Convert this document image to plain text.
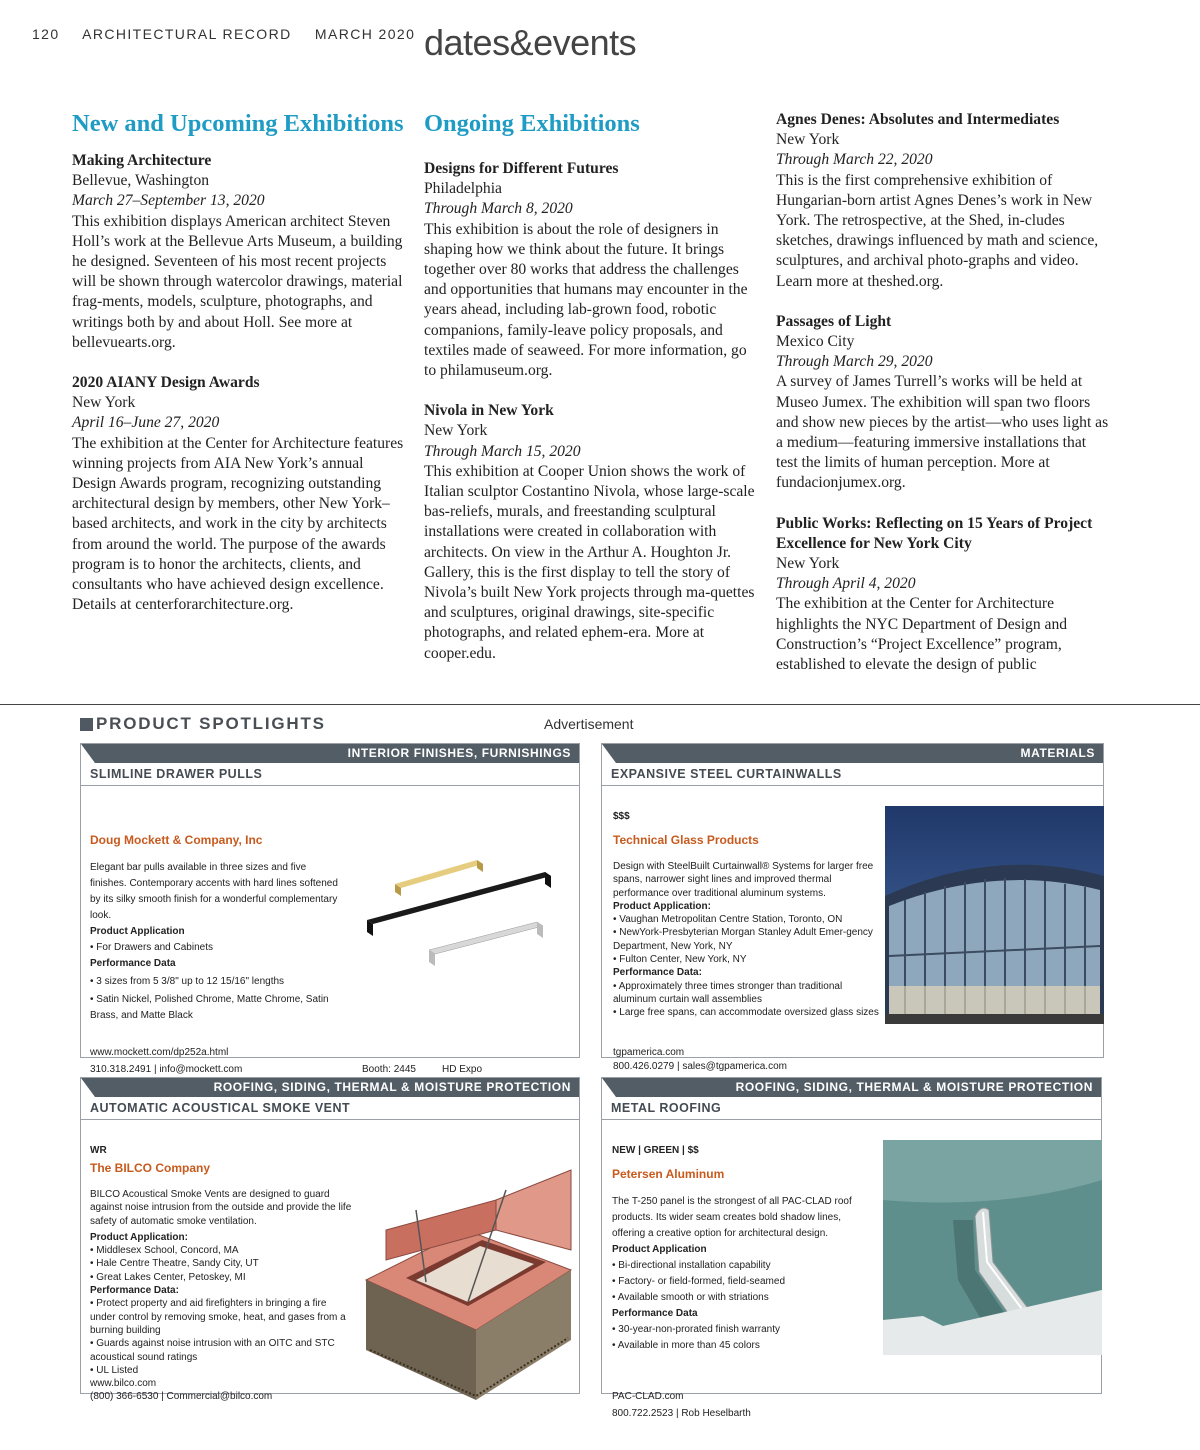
120 ARCHITECTURAL RECORD MARCH 2020 dates&events
New and Upcoming Exhibitions
Making Architecture
Bellevue, Washington
March 27–September 13, 2020
This exhibition displays American architect Steven Holl’s work at the Bellevue Arts Museum, a building he designed. Seventeen of his most recent projects will be shown through watercolor drawings, material frag-ments, models, sculpture, photographs, and writings both by and about Holl. See more at bellevuearts.org.
2020 AIANY Design Awards
New York
April 16–June 27, 2020
The exhibition at the Center for Architecture features winning projects from AIA New York’s annual Design Awards program, recognizing outstanding architectural design by members, other New York–based architects, and work in the city by architects from around the world. The purpose of the awards program is to honor the architects, clients, and consultants who have achieved design excellence. Details at centerforarchitecture.org.
Ongoing Exhibitions
Designs for Different Futures
Philadelphia
Through March 8, 2020
This exhibition is about the role of designers in shaping how we think about the future. It brings together over 80 works that address the challenges and opportunities that humans may encounter in the years ahead, including lab-grown food, robotic companions, family-leave policy proposals, and textiles made of seaweed. For more information, go to philamuseum.org.
Nivola in New York
New York
Through March 15, 2020
This exhibition at Cooper Union shows the work of Italian sculptor Costantino Nivola, whose large-scale bas-reliefs, murals, and freestanding sculptural installations were created in collaboration with architects. On view in the Arthur A. Houghton Jr. Gallery, this is the first display to tell the story of Nivola’s built New York projects through ma-quettes and sculptures, original drawings, site-specific photographs, and related ephem-era. More at cooper.edu.
Agnes Denes: Absolutes and Intermediates
New York
Through March 22, 2020
This is the first comprehensive exhibition of Hungarian-born artist Agnes Denes’s work in New York. The retrospective, at the Shed, in-cludes sketches, drawings influenced by math and science, sculptures, and archival photo-graphs and video. Learn more at theshed.org.
Passages of Light
Mexico City
Through March 29, 2020
A survey of James Turrell’s works will be held at Museo Jumex. The exhibition will span two floors and show new pieces by the artist—who uses light as a medium—featuring immersive installations that test the limits of human perception. More at fundacionjumex.org.
Public Works: Reflecting on 15 Years of Project Excellence for New York City
New York
Through April 4, 2020
The exhibition at the Center for Architecture highlights the NYC Department of Design and Construction’s “Project Excellence” program, established to elevate the design of public
PRODUCT SPOTLIGHTS	Advertisement
INTERIOR FINISHES, FURNISHINGS
SLIMLINE DRAWER PULLS
Doug Mockett & Company, Inc
Elegant bar pulls available in three sizes and five finishes. Contemporary accents with hard lines softened by its silky smooth finish for a wonderful complementary look.
Product Application
• For Drawers and Cabinets
Performance Data
• 3 sizes from 5 3/8" up to 12 15/16" lengths
• Satin Nickel, Polished Chrome, Matte Chrome, Satin Brass, and Matte Black
www.mockett.com/dp252a.html
310.318.2491 | info@mockett.com	Booth: 2445	HD Expo
MATERIALS
EXPANSIVE STEEL CURTAINWALLS
$$$
Technical Glass Products
Design with SteelBuilt Curtainwall® Systems for larger free spans, narrower sight lines and improved thermal performance over traditional aluminum systems.
Product Application:
• Vaughan Metropolitan Centre Station, Toronto, ON
• NewYork-Presbyterian Morgan Stanley Adult Emer-gency Department, New York, NY
• Fulton Center, New York, NY
Performance Data:
• Approximately three times stronger than traditional aluminum curtain wall assemblies
• Large free spans, can accommodate oversized glass sizes
tgpamerica.com
800.426.0279 | sales@tgpamerica.com
ROOFING, SIDING, THERMAL & MOISTURE PROTECTION
AUTOMATIC ACOUSTICAL SMOKE VENT
WR
The BILCO Company
BILCO Acoustical Smoke Vents are designed to guard against noise intrusion from the outside and provide the life safety of automatic smoke ventilation.
Product Application:
• Middlesex School, Concord, MA
• Hale Centre Theatre, Sandy City, UT
• Great Lakes Center, Petoskey, MI
Performance Data:
• Protect property and aid firefighters in bringing a fire under control by removing smoke, heat, and gases from a burning building
• Guards against noise intrusion with an OITC and STC acoustical sound ratings
• UL Listed
www.bilco.com
(800) 366-6530 | Commercial@bilco.com
ROOFING, SIDING, THERMAL & MOISTURE PROTECTION
METAL ROOFING
NEW | GREEN | $$
Petersen Aluminum
The T-250 panel is the strongest of all PAC-CLAD roof products. Its wider seam creates bold shadow lines, offering a creative option for architectural design.
Product Application
• Bi-directional installation capability
• Factory- or field-formed, field-seamed
• Available smooth or with striations
Performance Data
• 30-year-non-prorated finish warranty
• Available in more than 45 colors
PAC-CLAD.com
800.722.2523 | Rob Heselbarth
